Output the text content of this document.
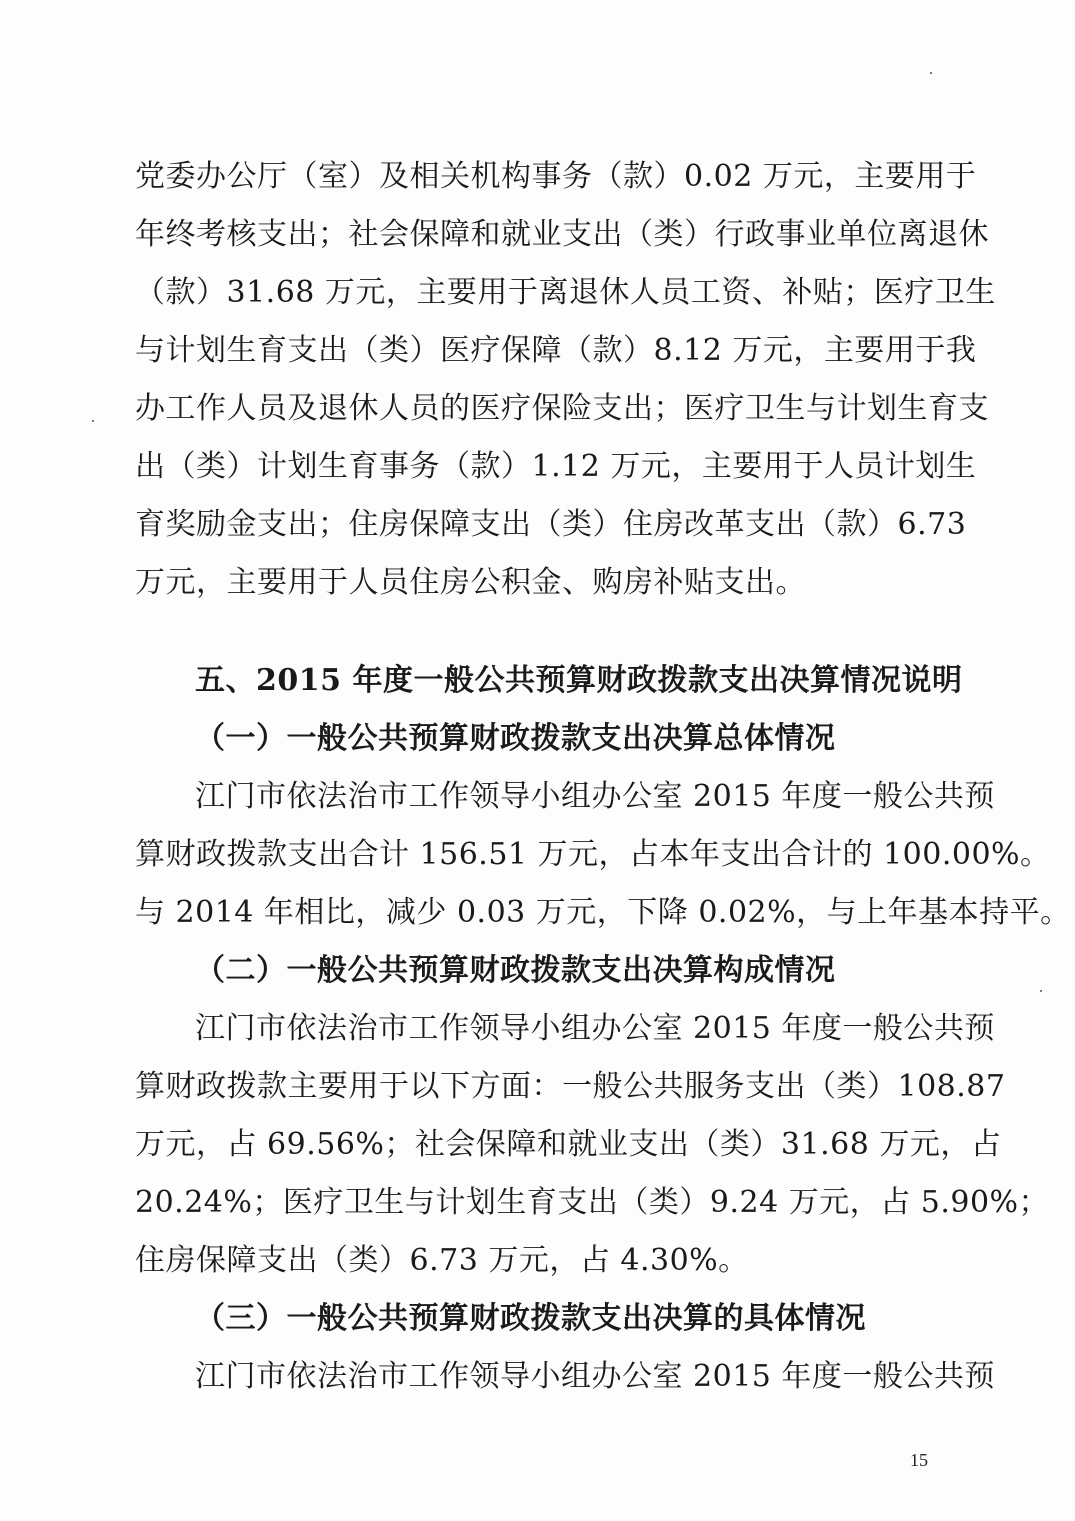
党委办公厅（室）及相关机构事务（款）0.02 万元，主要用于

年终考核支出；社会保障和就业支出（类）行政事业单位离退休

（款）31.68 万元，主要用于离退休人员工资、补贴；医疗卫生

与计划生育支出（类）医疗保障（款）8.12 万元，主要用于我

办工作人员及退休人员的医疗保险支出；医疗卫生与计划生育支

出（类）计划生育事务（款）1.12 万元，主要用于人员计划生

育奖励金支出；住房保障支出（类）住房改革支出（款）6.73

万元，主要用于人员住房公积金、购房补贴支出。

五、2015 年度一般公共预算财政拨款支出决算情况说明
（一）一般公共预算财政拨款支出决算总体情况

江门市依法治市工作领导小组办公室 2015 年度一般公共预

算财政拨款支出合计 156.51 万元，占本年支出合计的 100.00%。

与 2014 年相比，减少 0.03 万元，下降 0.02%，与上年基本持平。

（二）一般公共预算财政拨款支出决算构成情况

江门市依法治市工作领导小组办公室 2015 年度一般公共预

算财政拨款主要用于以下方面：一般公共服务支出（类）108.87

万元，占 69.56%；社会保障和就业支出（类）31.68 万元，占

20.24%；医疗卫生与计划生育支出（类）9.24 万元，占 5.90%；

住房保障支出（类）6.73 万元，占 4.30%。

（三）一般公共预算财政拨款支出决算的具体情况

江门市依法治市工作领导小组办公室 2015 年度一般公共预

15
